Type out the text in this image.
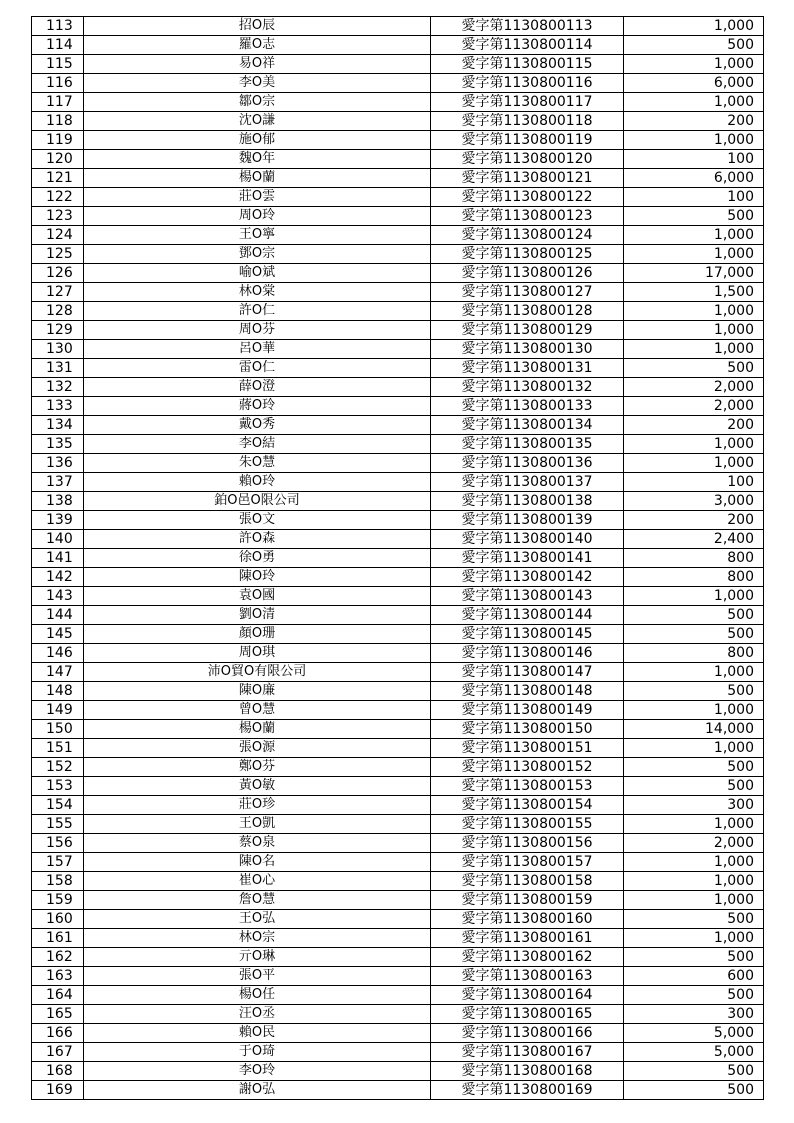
113	招O辰	愛字第1130800113	1,000
114	羅O志	愛字第1130800114	500
115	易O祥	愛字第1130800115	1,000
116	李O美	愛字第1130800116	6,000
117	鄒O宗	愛字第1130800117	1,000
118	沈O謙	愛字第1130800118	200
119	施O郁	愛字第1130800119	1,000
120	魏O年	愛字第1130800120	100
121	楊O蘭	愛字第1130800121	6,000
122	莊O雲	愛字第1130800122	100
123	周O玲	愛字第1130800123	500
124	王O寧	愛字第1130800124	1,000
125	鄧O宗	愛字第1130800125	1,000
126	喻O斌	愛字第1130800126	17,000
127	林O棠	愛字第1130800127	1,500
128	許O仁	愛字第1130800128	1,000
129	周O芬	愛字第1130800129	1,000
130	呂O華	愛字第1130800130	1,000
131	雷O仁	愛字第1130800131	500
132	薛O澄	愛字第1130800132	2,000
133	蔣O玲	愛字第1130800133	2,000
134	戴O秀	愛字第1130800134	200
135	李O結	愛字第1130800135	1,000
136	朱O慧	愛字第1130800136	1,000
137	賴O玲	愛字第1130800137	100
138	鉑O邑O限公司	愛字第1130800138	3,000
139	張O文	愛字第1130800139	200
140	許O森	愛字第1130800140	2,400
141	徐O勇	愛字第1130800141	800
142	陳O玲	愛字第1130800142	800
143	袁O國	愛字第1130800143	1,000
144	劉O清	愛字第1130800144	500
145	顏O珊	愛字第1130800145	500
146	周O琪	愛字第1130800146	800
147	沛O貿O有限公司	愛字第1130800147	1,000
148	陳O廉	愛字第1130800148	500
149	曾O慧	愛字第1130800149	1,000
150	楊O蘭	愛字第1130800150	14,000
151	張O源	愛字第1130800151	1,000
152	鄭O芬	愛字第1130800152	500
153	黃O敏	愛字第1130800153	500
154	莊O珍	愛字第1130800154	300
155	王O凱	愛字第1130800155	1,000
156	蔡O泉	愛字第1130800156	2,000
157	陳O名	愛字第1130800157	1,000
158	崔O心	愛字第1130800158	1,000
159	詹O慧	愛字第1130800159	1,000
160	王O弘	愛字第1130800160	500
161	林O宗	愛字第1130800161	1,000
162	亓O琳	愛字第1130800162	500
163	張O平	愛字第1130800163	600
164	楊O任	愛字第1130800164	500
165	汪O丞	愛字第1130800165	300
166	賴O民	愛字第1130800166	5,000
167	于O琦	愛字第1130800167	5,000
168	李O玲	愛字第1130800168	500
169	謝O弘	愛字第1130800169	500
